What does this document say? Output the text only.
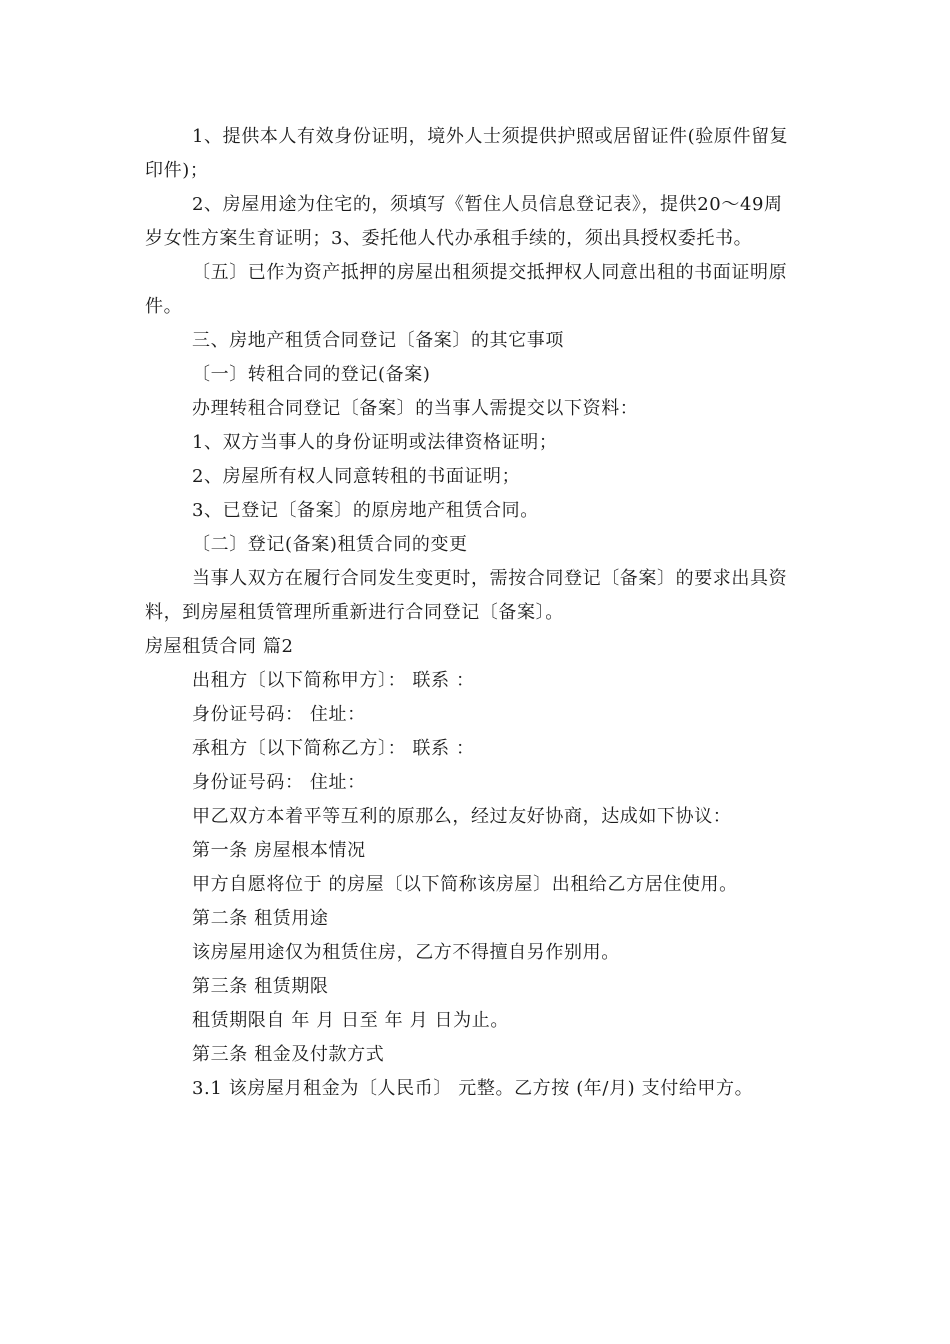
1、提供本人有效身份证明，境外人士须提供护照或居留证件(验原件留复
印件)；
2、房屋用途为住宅的，须填写《暂住人员信息登记表》，提供20～49周
岁女性方案生育证明；3、委托他人代办承租手续的，须出具授权委托书。
〔五〕已作为资产抵押的房屋出租须提交抵押权人同意出租的书面证明原
件。
三、房地产租赁合同登记〔备案〕的其它事项
〔一〕转租合同的登记(备案)
办理转租合同登记〔备案〕的当事人需提交以下资料：
1、双方当事人的身份证明或法律资格证明；
2、房屋所有权人同意转租的书面证明；
3、已登记〔备案〕的原房地产租赁合同。
〔二〕登记(备案)租赁合同的变更
当事人双方在履行合同发生变更时，需按合同登记〔备案〕的要求出具资
料，到房屋租赁管理所重新进行合同登记〔备案〕。
房屋租赁合同 篇2
出租方〔以下简称甲方〕： 联系 ：
身份证号码： 住址：
承租方〔以下简称乙方〕： 联系 ：
身份证号码： 住址：
甲乙双方本着平等互利的原那么，经过友好协商，达成如下协议：
第一条 房屋根本情况
甲方自愿将位于 的房屋〔以下简称该房屋〕出租给乙方居住使用。
第二条 租赁用途
该房屋用途仅为租赁住房，乙方不得擅自另作别用。
第三条 租赁期限
租赁期限自 年 月 日至 年 月 日为止。
第三条 租金及付款方式
3.1 该房屋月租金为〔人民币〕 元整。乙方按 (年/月) 支付给甲方。
